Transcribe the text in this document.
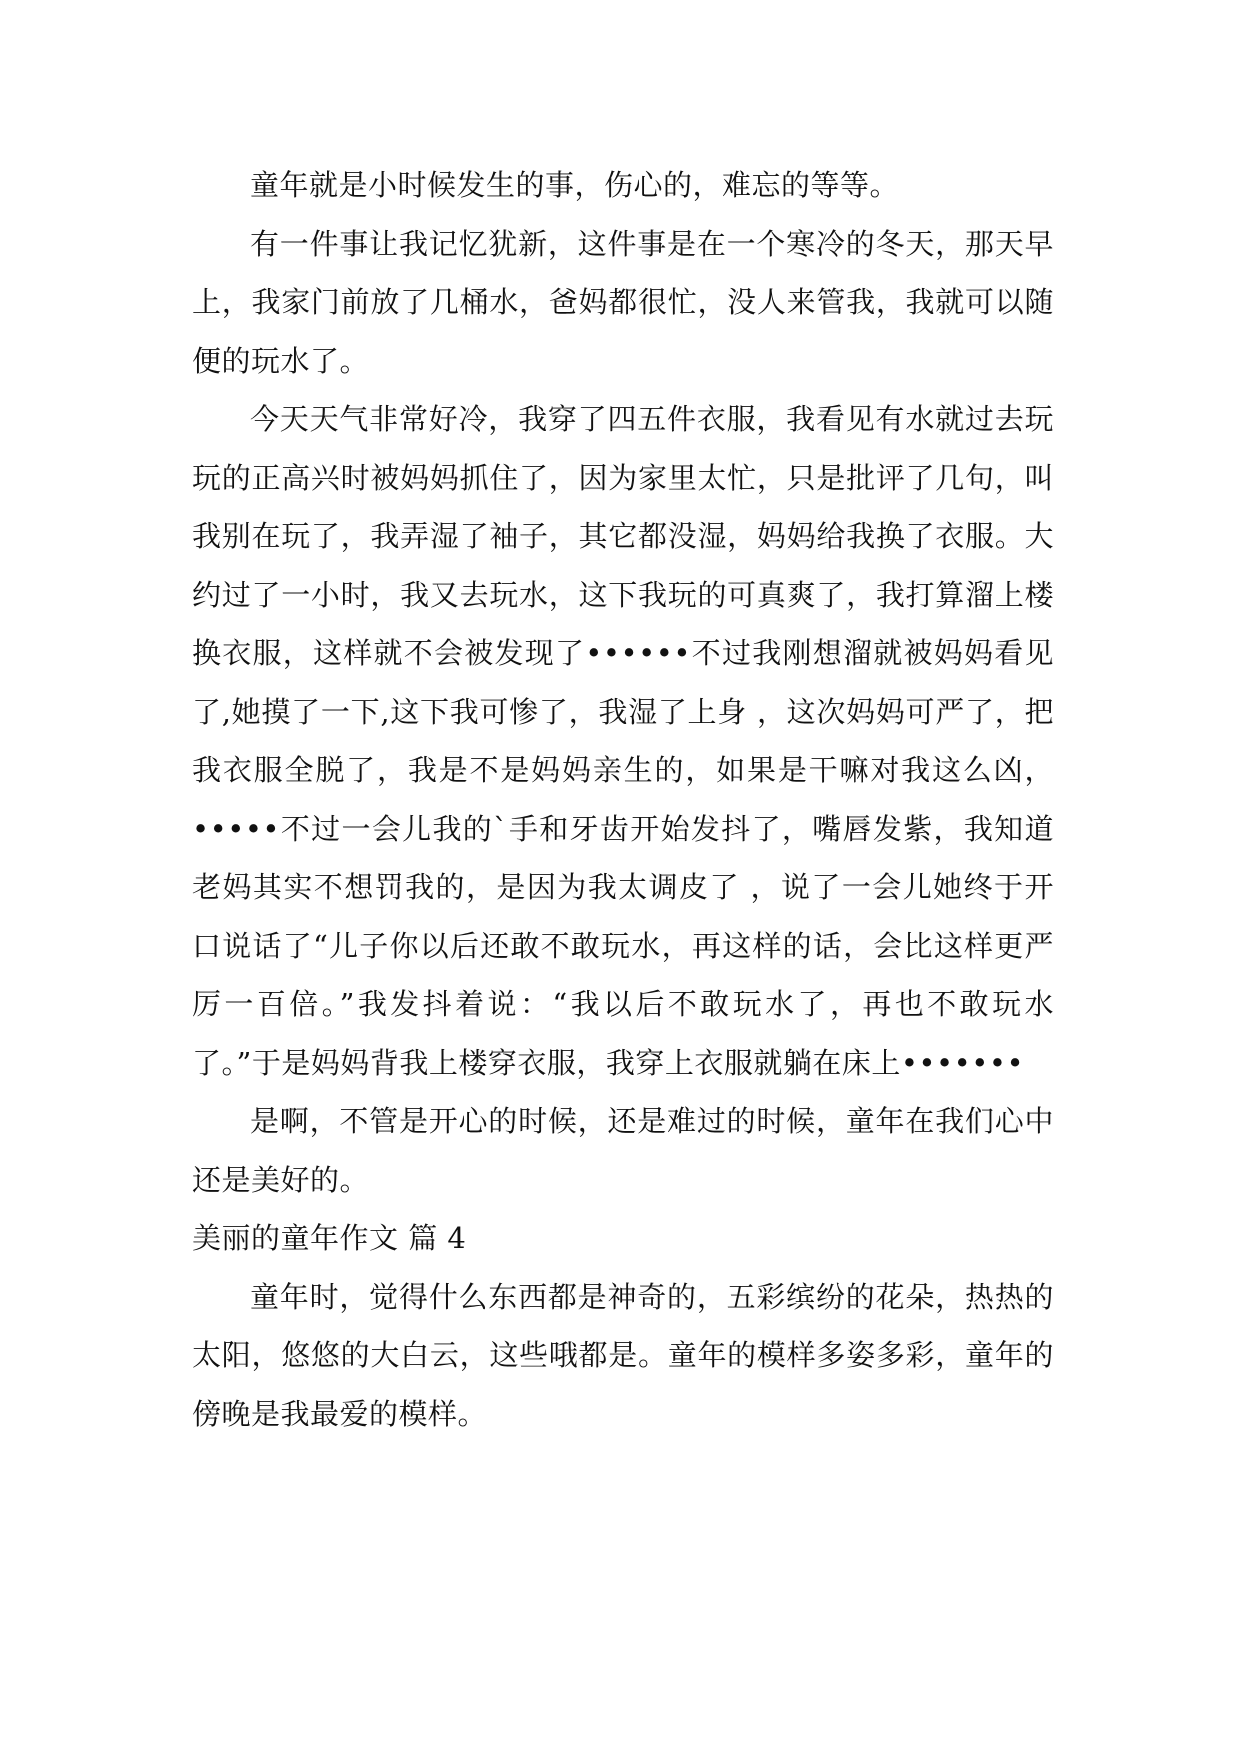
童年就是小时候发生的事，伤心的，难忘的等等。

有一件事让我记忆犹新，这件事是在一个寒冷的冬天，那天早上，我家门前放了几桶水，爸妈都很忙，没人来管我，我就可以随便的玩水了。

今天天气非常好冷，我穿了四五件衣服，我看见有水就过去玩玩的正高兴时被妈妈抓住了，因为家里太忙，只是批评了几句，叫我别在玩了，我弄湿了袖子，其它都没湿，妈妈给我换了衣服。大约过了一小时，我又去玩水，这下我玩的可真爽了，我打算溜上楼换衣服，这样就不会被发现了••••••不过我刚想溜就被妈妈看见了,她摸了一下,这下我可惨了，我湿了上身 ，这次妈妈可严了，把我衣服全脱了，我是不是妈妈亲生的，如果是干嘛对我这么凶，•••••不过一会儿我的`手和牙齿开始发抖了，嘴唇发紫，我知道老妈其实不想罚我的，是因为我太调皮了 ，说了一会儿她终于开口说话了“儿子你以后还敢不敢玩水，再这样的话，会比这样更严厉一百倍。”我发抖着说：“我以后不敢玩水了，再也不敢玩水了。”于是妈妈背我上楼穿衣服，我穿上衣服就躺在床上•••••••

是啊，不管是开心的时候，还是难过的时候，童年在我们心中还是美好的。

美丽的童年作文 篇 4

童年时，觉得什么东西都是神奇的，五彩缤纷的花朵，热热的太阳，悠悠的大白云，这些哦都是。童年的模样多姿多彩，童年的傍晚是我最爱的模样。
